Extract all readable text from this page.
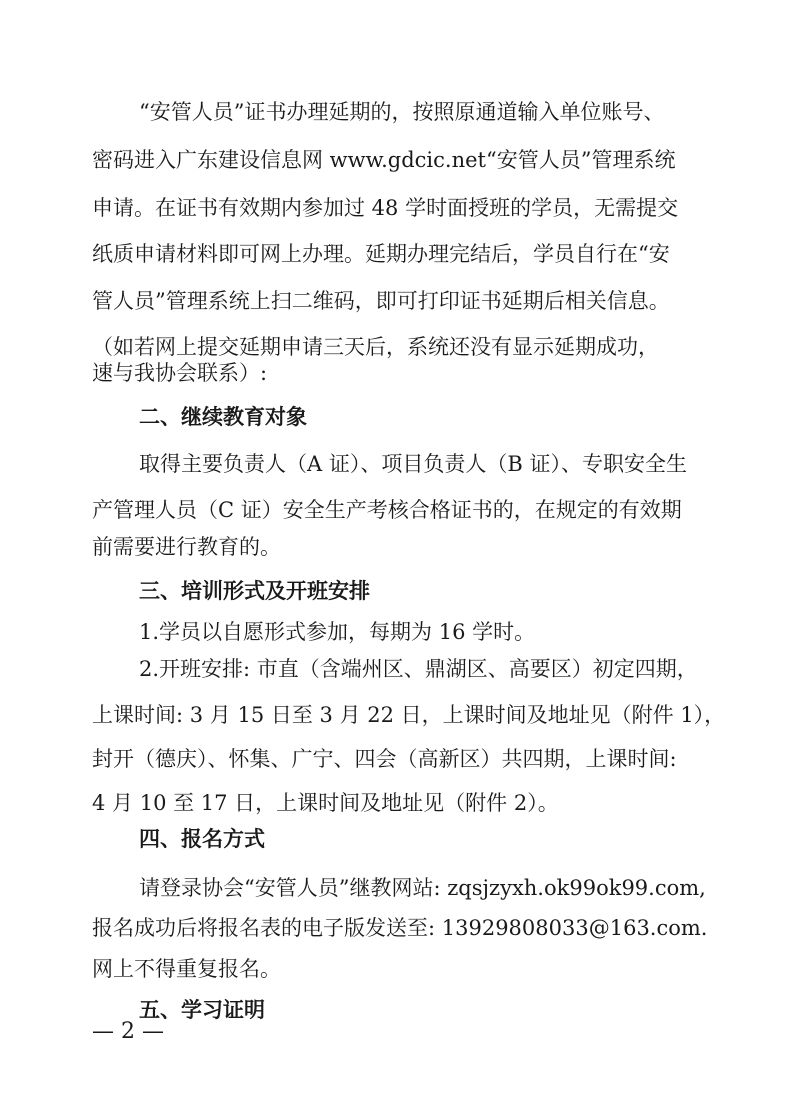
“安管人员”证书办理延期的，按照原通道输入单位账号、
密码进入广东建设信息网 www.gdcic.net“安管人员”管理系统
申请。在证书有效期内参加过 48 学时面授班的学员，无需提交
纸质申请材料即可网上办理。延期办理完结后，学员自行在“安
管人员”管理系统上扫二维码，即可打印证书延期后相关信息。
（如若网上提交延期申请三天后，系统还没有显示延期成功，
速与我协会联系）:
二、继续教育对象
取得主要负责人（A 证）、项目负责人（B 证）、专职安全生
产管理人员（C 证）安全生产考核合格证书的，在规定的有效期
前需要进行教育的。
三、培训形式及开班安排
1.学员以自愿形式参加，每期为 16 学时。
2.开班安排: 市直（含端州区、鼎湖区、高要区）初定四期，
上课时间: 3 月 15 日至 3 月 22 日，上课时间及地址见（附件 1），
封开（德庆）、怀集、广宁、四会（高新区）共四期，上课时间:
4 月 10 至 17 日，上课时间及地址见（附件 2）。
四、报名方式
请登录协会“安管人员”继教网站: zqsjzyxh.ok99ok99.com,
报名成功后将报名表的电子版发送至: 13929808033@163.com.
网上不得重复报名。
五、学习证明
— 2 —
